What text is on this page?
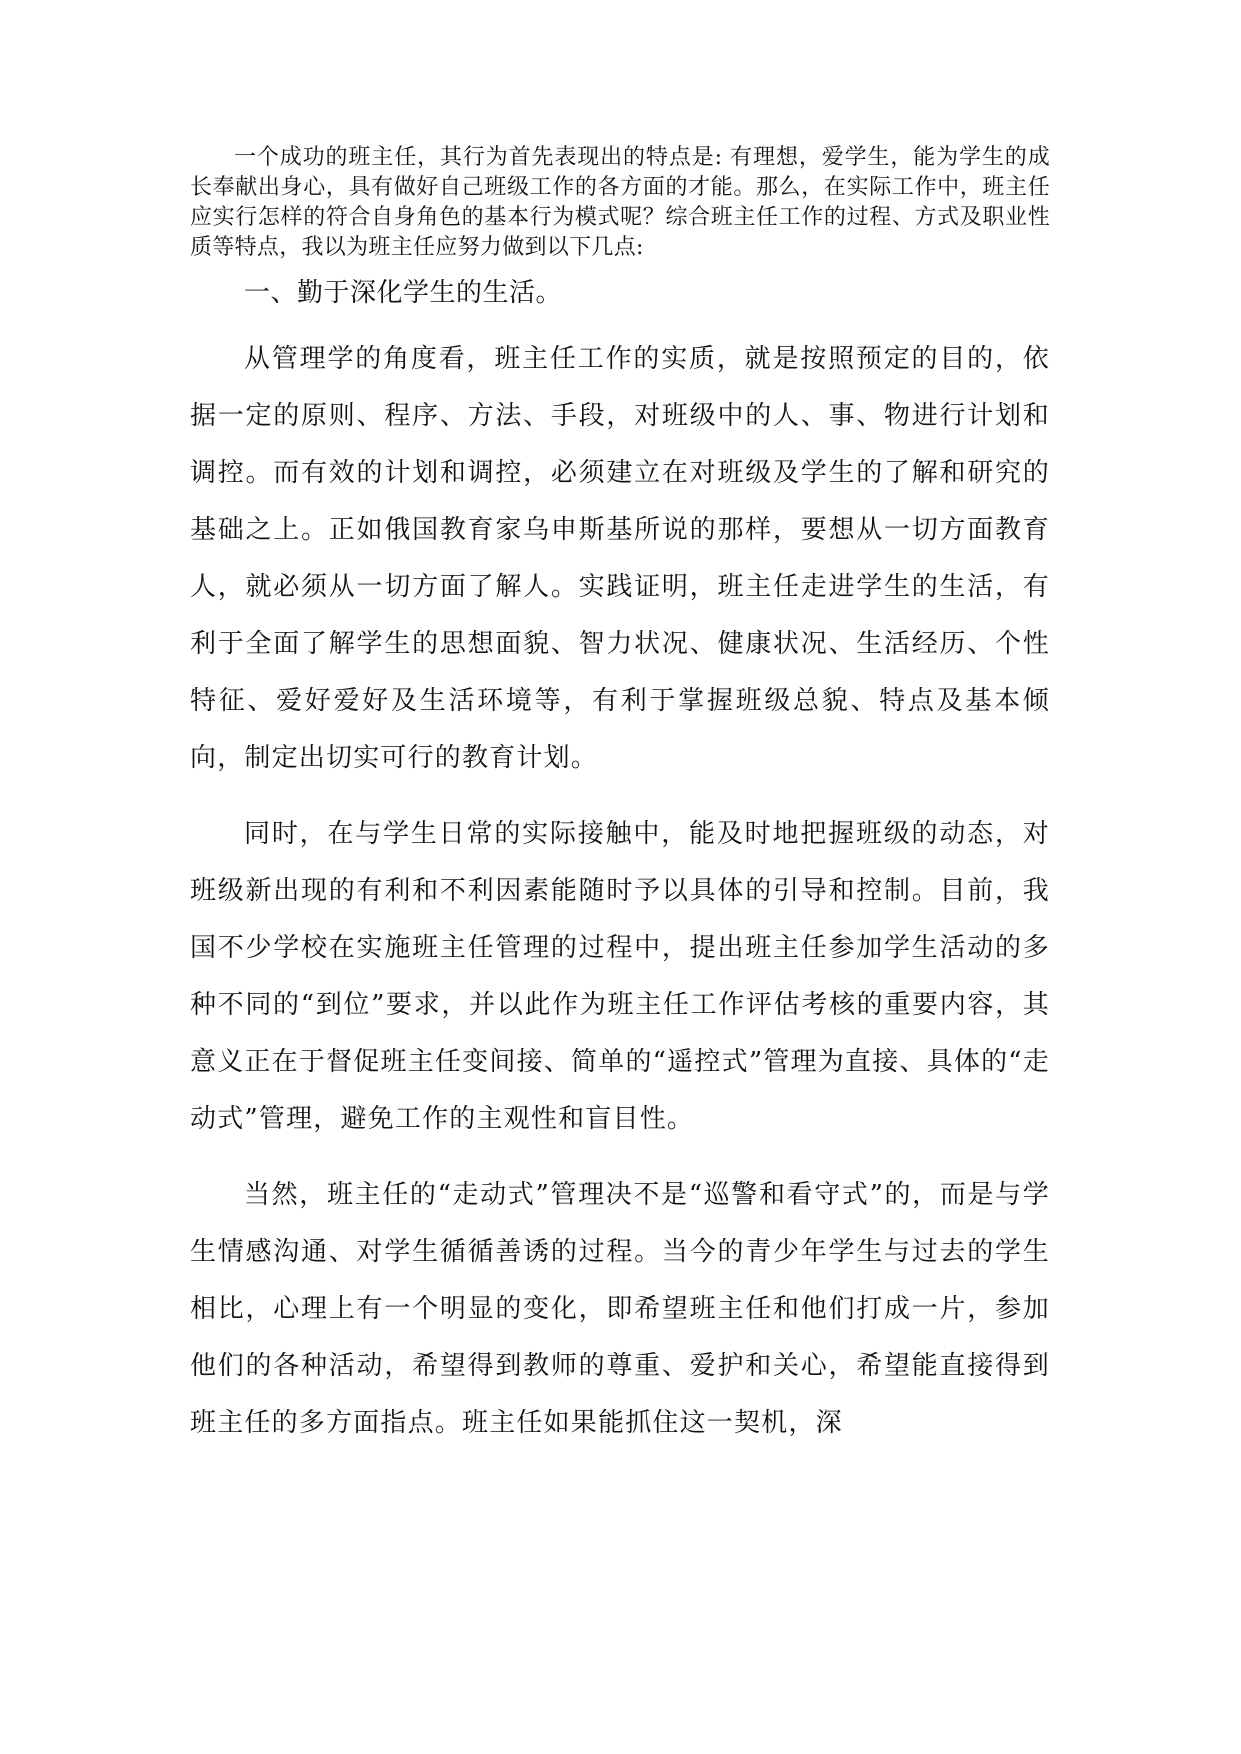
一个成功的班主任，其行为首先表现出的特点是: 有理想，爱学生，能为学生的成长奉献出身心，具有做好自己班级工作的各方面的才能。那么，在实际工作中，班主任应实行怎样的符合自身角色的基本行为模式呢？综合班主任工作的过程、方式及职业性质等特点，我以为班主任应努力做到以下几点:

一、勤于深化学生的生活。

从管理学的角度看，班主任工作的实质，就是按照预定的目的，依据一定的原则、程序、方法、手段，对班级中的人、事、物进行计划和调控。而有效的计划和调控，必须建立在对班级及学生的了解和研究的基础之上。正如俄国教育家乌申斯基所说的那样，要想从一切方面教育人，就必须从一切方面了解人。实践证明，班主任走进学生的生活，有利于全面了解学生的思想面貌、智力状况、健康状况、生活经历、个性特征、爱好爱好及生活环境等，有利于掌握班级总貌、特点及基本倾向，制定出切实可行的教育计划。

同时，在与学生日常的实际接触中，能及时地把握班级的动态，对班级新出现的有利和不利因素能随时予以具体的引导和控制。目前，我国不少学校在实施班主任管理的过程中，提出班主任参加学生活动的多种不同的“到位”要求，并以此作为班主任工作评估考核的重要内容，其意义正在于督促班主任变间接、简单的“遥控式”管理为直接、具体的“走动式”管理，避免工作的主观性和盲目性。

当然，班主任的“走动式”管理决不是“巡警和看守式”的，而是与学生情感沟通、对学生循循善诱的过程。当今的青少年学生与过去的学生相比，心理上有一个明显的变化，即希望班主任和他们打成一片，参加他们的各种活动，希望得到教师的尊重、爱护和关心，希望能直接得到班主任的多方面指点。班主任如果能抓住这一契机，深
